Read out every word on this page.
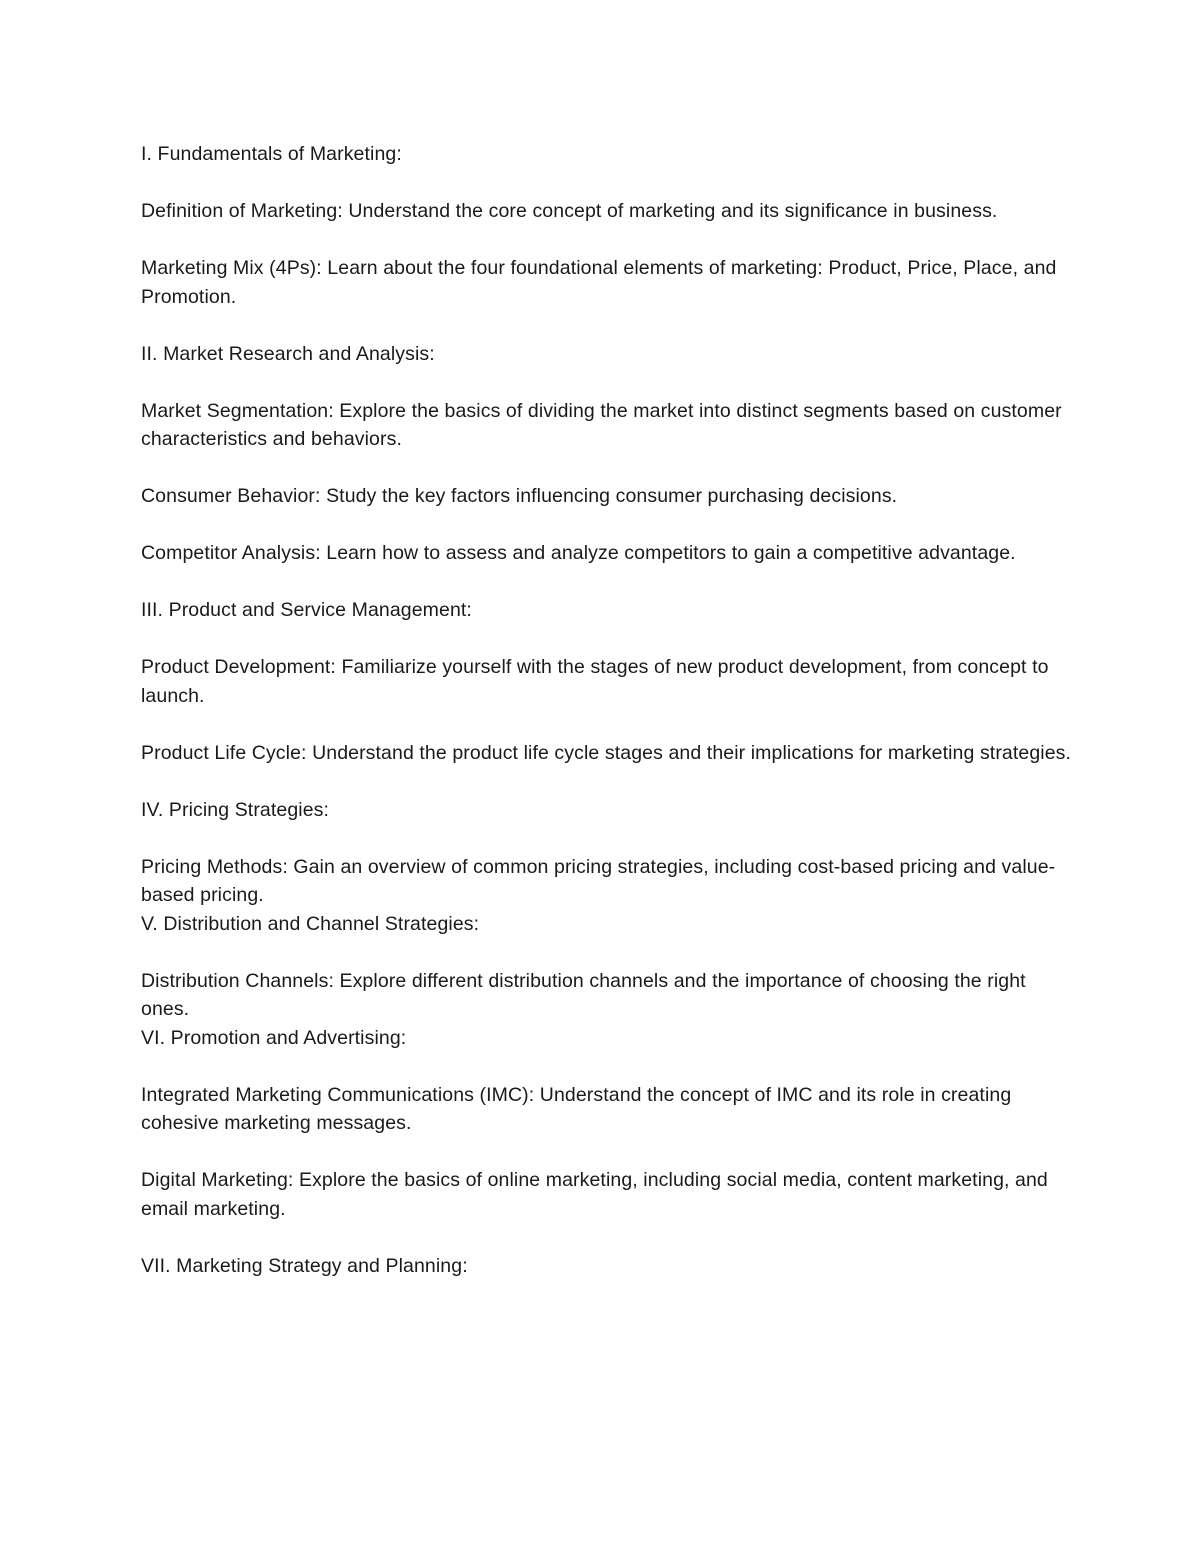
I. Fundamentals of Marketing:

Definition of Marketing: Understand the core concept of marketing and its significance in business.

Marketing Mix (4Ps): Learn about the four foundational elements of marketing: Product, Price, Place, and Promotion.

II. Market Research and Analysis:

Market Segmentation: Explore the basics of dividing the market into distinct segments based on customer characteristics and behaviors.

Consumer Behavior: Study the key factors influencing consumer purchasing decisions.

Competitor Analysis: Learn how to assess and analyze competitors to gain a competitive advantage.

III. Product and Service Management:

Product Development: Familiarize yourself with the stages of new product development, from concept to launch.

Product Life Cycle: Understand the product life cycle stages and their implications for marketing strategies.

IV. Pricing Strategies:

Pricing Methods: Gain an overview of common pricing strategies, including cost-based pricing and value-based pricing.

V. Distribution and Channel Strategies:

Distribution Channels: Explore different distribution channels and the importance of choosing the right ones.

VI. Promotion and Advertising:

Integrated Marketing Communications (IMC): Understand the concept of IMC and its role in creating cohesive marketing messages.

Digital Marketing: Explore the basics of online marketing, including social media, content marketing, and email marketing.

VII. Marketing Strategy and Planning:
